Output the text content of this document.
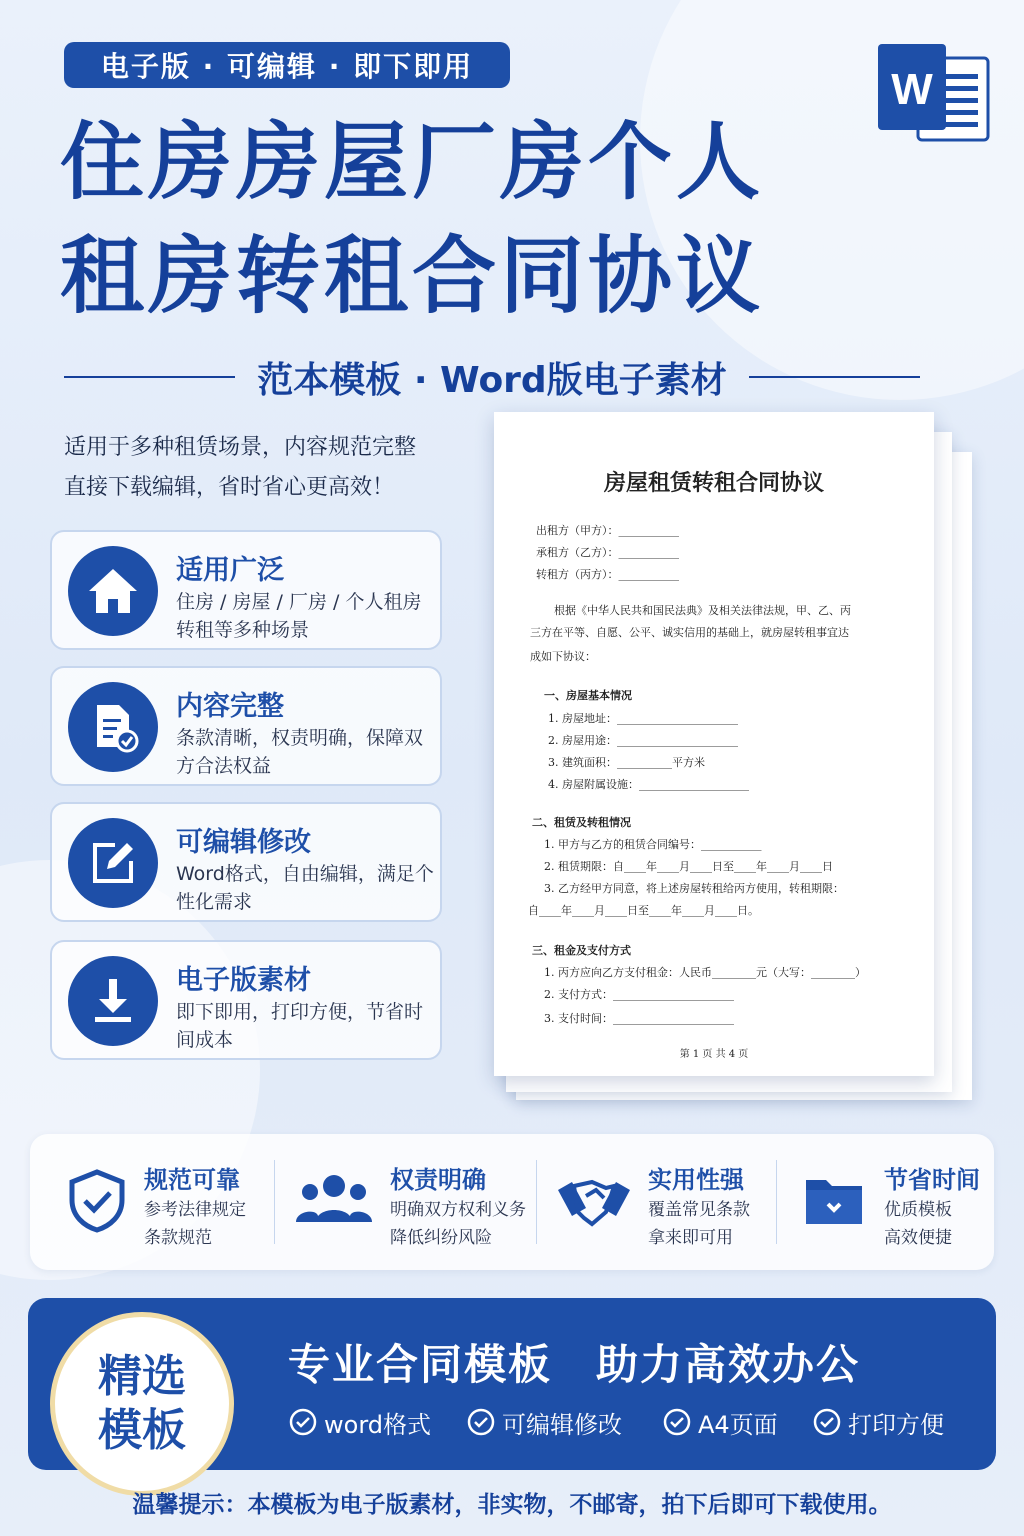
电子版 · 可编辑 · 即下即用	W
住房房屋厂房个人
租房转租合同协议
范本模板 · Word版电子素材
适用于多种租赁场景，内容规范完整
直接下载编辑，省时省心更高效！
适用广泛
住房 / 房屋 / 厂房 / 个人租房转租等多种场景
内容完整
条款清晰，权责明确，保障双方合法权益
可编辑修改
Word格式，自由编辑，满足个性化需求
电子版素材
即下即用，打印方便，节省时间成本
房屋租赁转租合同协议
出租方（甲方）：___________
承租方（乙方）：___________
转租方（丙方）：___________
根据《中华人民共和国民法典》及相关法律法规，甲、乙、丙
三方在平等、自愿、公平、诚实信用的基础上，就房屋转租事宜达
成如下协议：
一、房屋基本情况
1. 房屋地址：______________________
2. 房屋用途：______________________
3. 建筑面积：__________平方米
4. 房屋附属设施：____________________
二、租赁及转租情况
1. 甲方与乙方的租赁合同编号：___________
2. 租赁期限：自____年____月____日至____年____月____日
3. 乙方经甲方同意，将上述房屋转租给丙方使用，转租期限：
自____年____月____日至____年____月____日。
三、租金及支付方式
1. 丙方应向乙方支付租金：人民币________元（大写：________）
2. 支付方式：______________________
3. 支付时间：______________________
第 1 页 共 4 页
规范可靠
参考法律规定
条款规范
权责明确
明确双方权利义务
降低纠纷风险
实用性强
覆盖常见条款
拿来即可用
节省时间
优质模板
高效便捷
精选
模板
专业合同模板　助力高效办公
word格式	可编辑修改	A4页面	打印方便
温馨提示：本模板为电子版素材，非实物，不邮寄，拍下后即可下载使用。
